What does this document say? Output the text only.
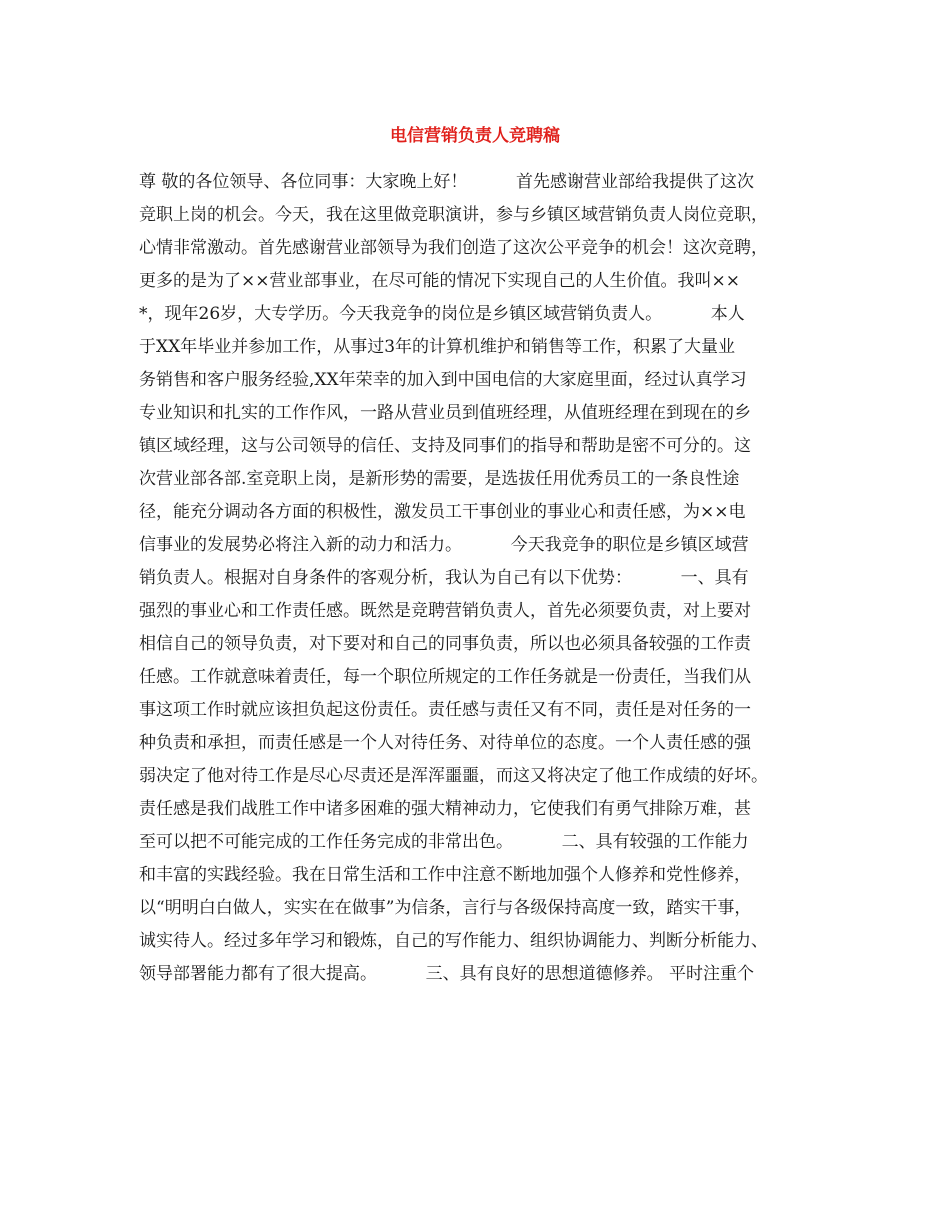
电信营销负责人竞聘稿
尊 敬的各位领导、各位同事：大家晚上好！         首先感谢营业部给我提供了这次
竞职上岗的机会。今天，我在这里做竞职演讲，参与乡镇区域营销负责人岗位竞职，
心情非常激动。首先感谢营业部领导为我们创造了这次公平竞争的机会！这次竞聘，
更多的是为了××营业部事业，在尽可能的情况下实现自己的人生价值。我叫××
*，现年26岁，大专学历。今天我竞争的岗位是乡镇区域营销负责人。         本人
于XX年毕业并参加工作，从事过3年的计算机维护和销售等工作，积累了大量业
务销售和客户服务经验,XX年荣幸的加入到中国电信的大家庭里面，经过认真学习
专业知识和扎实的工作作风，一路从营业员到值班经理，从值班经理在到现在的乡
镇区域经理，这与公司领导的信任、支持及同事们的指导和帮助是密不可分的。这
次营业部各部.室竞职上岗，是新形势的需要，是选拔任用优秀员工的一条良性途
径，能充分调动各方面的积极性，激发员工干事创业的事业心和责任感，为××电
信事业的发展势必将注入新的动力和活力。         今天我竞争的职位是乡镇区域营
销负责人。根据对自身条件的客观分析，我认为自己有以下优势：         一、具有
强烈的事业心和工作责任感。既然是竞聘营销负责人，首先必须要负责，对上要对
相信自己的领导负责，对下要对和自己的同事负责，所以也必须具备较强的工作责
任感。工作就意味着责任，每一个职位所规定的工作任务就是一份责任，当我们从
事这项工作时就应该担负起这份责任。责任感与责任又有不同，责任是对任务的一
种负责和承担，而责任感是一个人对待任务、对待单位的态度。一个人责任感的强
弱决定了他对待工作是尽心尽责还是浑浑噩噩，而这又将决定了他工作成绩的好坏。
责任感是我们战胜工作中诸多困难的强大精神动力，它使我们有勇气排除万难，甚
至可以把不可能完成的工作任务完成的非常出色。         二、具有较强的工作能力
和丰富的实践经验。我在日常生活和工作中注意不断地加强个人修养和党性修养，
以“明明白白做人，实实在在做事”为信条，言行与各级保持高度一致，踏实干事，
诚实待人。经过多年学习和锻炼，自己的写作能力、组织协调能力、判断分析能力、
领导部署能力都有了很大提高。         三、具有良好的思想道德修养。 平时注重个
